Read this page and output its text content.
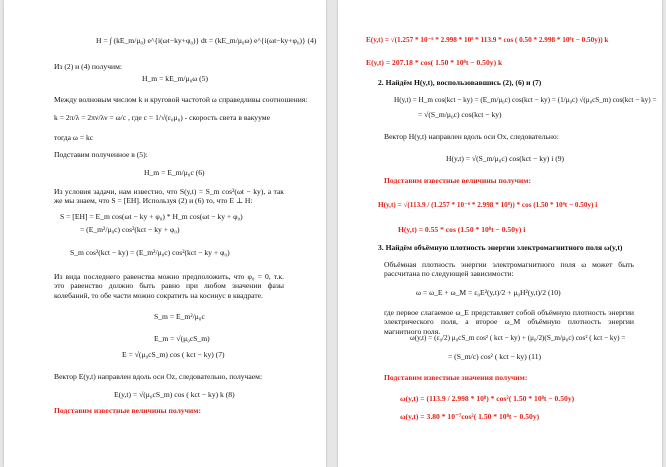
H = ∫ (kE_m/μ₀) e^{i(ωt−ky+φ₀)} dt = (kE_m/μ₀ω) e^{i(ωt−ky+φ₀)} (4)
Из (2) и (4) получим:
H_m = kE_m/μ₀ω (5)
Между волновым числом k и круговой частотой ω справедливы соотношения:
k = 2π/λ = 2πν/λν = ω/c , где c = 1/√(ε₀μ₀) - скорость света в вакууме
тогда ω = kc
Подставим полученное в (5):
H_m = E_m/μ₀c (6)
Из условия задачи, нам известно, что S(y,t) = S_m cos²(ωt − ky), а так же мы знаем, что S = [EH]. Используя (2) и (6) то, что E ⊥ H:
S = [EH] = E_m cos(ωt − ky + φ₀) * H_m cos(ωt − ky + φ₀)
= (E_m²/μ₀c) cos²(kct − ky + φ₀)
S_m cos²(kct − ky) = (E_m²/μ₀c) cos²(kct − ky + φ₀)
Из вида последнего равенства можно предположить, что φ₀ = 0, т.к. это равенство должно быть равно при любом значении фазы колебаний, то обе части можно сократить на косинус в квадрате.
S_m = E_m²/μ₀c
E_m = √(μ₀cS_m)
E = √(μ₀cS_m) cos ( kct − ky) (7)
Вектор E(y,t) направлен вдоль оси Oz, следовательно, получаем:
E(y,t) = √(μ₀cS_m) cos ( kct − ky) k (8)
Подставим известные величины получим:
E(y,t) = √(1.257 * 10⁻⁶ * 2.998 * 10⁸ * 113.9 * cos ( 0.50 * 2.998 * 10⁸t − 0.50y)) k
E(y,t) = 207.18 * cos( 1.50 * 10⁸t − 0.50y) k
2. Найдём H(y,t), воспользовавшись (2), (6) и (7)
H(y,t) = H_m cos(kct − ky) = (E_m/μ₀c) cos(kct − ky) = (1/μ₀c) √(μ₀cS_m) cos(kct − ky) =
= √(S_m/μ₀c) cos(kct − ky)
Вектор H(y,t) направлен вдоль оси Ox, следовательно:
H(y,t) = √(S_m/μ₀c) cos(kct − ky) i (9)
Подставим известные величины получим:
H(y,t) = √(113.9 / (1.257 * 10⁻⁶ * 2.998 * 10⁸)) * cos (1.50 * 10⁸t − 0.50y) i
H(y,t) = 0.55 * cos (1.50 * 10⁸t − 0.50y) i
3. Найдём объёмную плотность энергии электромагнитного поля ω(y,t)
Объёмная плотность энергии электромагнитного поля ω может быть рассчитана по следующей зависимости:
ω = ω_E + ω_M = ε₀E²(y,t)/2 + μ₀H²(y,t)/2 (10)
где первое слагаемое ω_E представляет собой объёмную плотность энергии электрического поля, а второе ω_M объёмную плотность энергии магнитного поля.
ω(y,t) = (ε₀/2) μ₀cS_m cos² ( kct − ky) + (μ₀/2)(S_m/μ₀c) cos² ( kct − ky) =
= (S_m/c) cos² ( kct − ky) (11)
Подставим известные значения получим:
ω(y,t) = (113.9 / 2.998 * 10⁸) * cos²( 1.50 * 10⁸t − 0.50y)
ω(y,t) = 3.80 * 10⁻⁷cos²( 1.50 * 10⁸t − 0.50y)
